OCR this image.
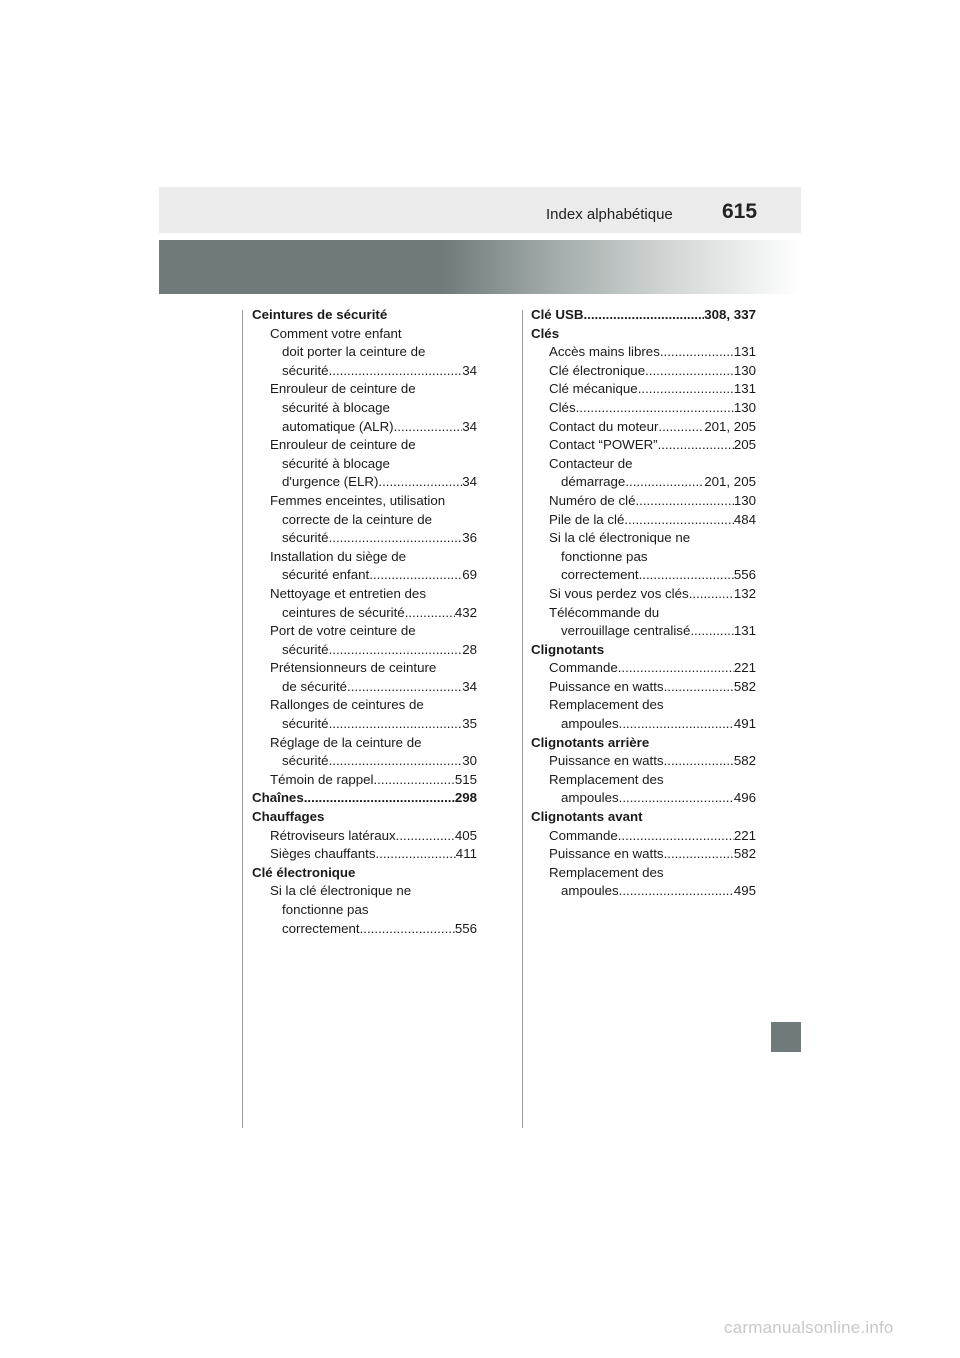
Index alphabétique 615
Ceintures de sécurité
Comment votre enfant
doit porter la ceinture de
sécurité .....	34
Enrouleur de ceinture de
sécurité à blocage
automatique (ALR) .....	34
Enrouleur de ceinture de
sécurité à blocage
d'urgence (ELR) .....	34
Femmes enceintes, utilisation
correcte de la ceinture de
sécurité .....	36
Installation du siège de
sécurité enfant .....	69
Nettoyage et entretien des
ceintures de sécurité .....	432
Port de votre ceinture de
sécurité .....	28
Prétensionneurs de ceinture
de sécurité .....	34
Rallonges de ceintures de
sécurité .....	35
Réglage de la ceinture de
sécurité .....	30
Témoin de rappel .....	515
Chaînes .....	298
Chauffages
Rétroviseurs latéraux .....	405
Sièges chauffants .....	411
Clé électronique
Si la clé électronique ne
fonctionne pas
correctement .....	556
Clé USB .....	308, 337
Clés
Accès mains libres .....	131
Clé électronique .....	130
Clé mécanique .....	131
Clés .....	130
Contact du moteur .....	201, 205
Contact “POWER” .....	205
Contacteur de
démarrage .....	201, 205
Numéro de clé .....	130
Pile de la clé .....	484
Si la clé électronique ne
fonctionne pas
correctement .....	556
Si vous perdez vos clés .....	132
Télécommande du
verrouillage centralisé .....	131
Clignotants
Commande .....	221
Puissance en watts .....	582
Remplacement des
ampoules .....	491
Clignotants arrière
Puissance en watts .....	582
Remplacement des
ampoules .....	496
Clignotants avant
Commande .....	221
Puissance en watts .....	582
Remplacement des
ampoules .....	495
carmanualsonline.info
